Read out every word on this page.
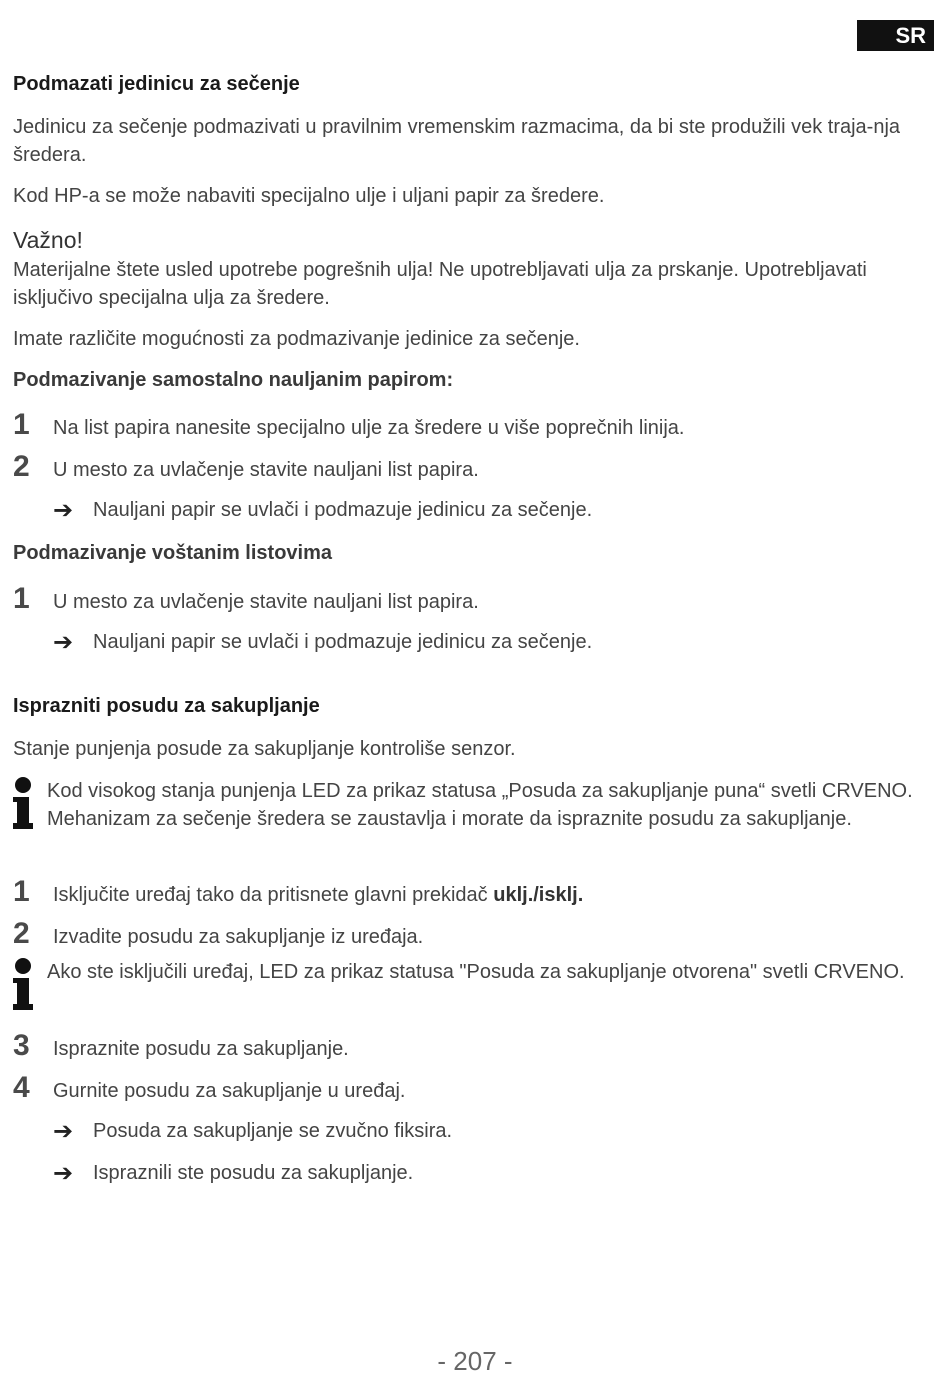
SR
Podmazati jedinicu za sečenje
Jedinicu za sečenje podmazivati u pravilnim vremenskim razmacima, da bi ste produžili vek traja-nja šredera.
Kod HP-a se može nabaviti specijalno ulje i uljani papir za šredere.
Važno!
Materijalne štete usled upotrebe pogrešnih ulja! Ne upotrebljavati ulja za prskanje. Upotrebljavati isključivo specijalna ulja za šredere.
Imate različite mogućnosti za podmazivanje jedinice za sečenje.
Podmazivanje samostalno nauljanim papirom:
1	Na list papira nanesite specijalno ulje za šredere u više poprečnih linija.
2	U mesto za uvlačenje stavite nauljani list papira.
➔ Nauljani papir se uvlači i podmazuje jedinicu za sečenje.
Podmazivanje voštanim listovima
1	U mesto za uvlačenje stavite nauljani list papira.
➔ Nauljani papir se uvlači i podmazuje jedinicu za sečenje.
Isprazniti posudu za sakupljanje
Stanje punjenja posude za sakupljanje kontroliše senzor.
Kod visokog stanja punjenja LED za prikaz statusa „Posuda za sakupljanje puna“ svetli CRVENO. Mehanizam za sečenje šredera se zaustavlja i morate da ispraznite posudu za sakupljanje.
1	Isključite uređaj tako da pritisnete glavni prekidač uklj./isklj.
2	Izvadite posudu za sakupljanje iz uređaja.
Ako ste isključili uređaj, LED za prikaz statusa "Posuda za sakupljanje otvorena" svetli CRVENO.
3	Ispraznite posudu za sakupljanje.
4	Gurnite posudu za sakupljanje u uređaj.
➔ Posuda za sakupljanje se zvučno fiksira.
➔ Ispraznili ste posudu za sakupljanje.
- 207 -
